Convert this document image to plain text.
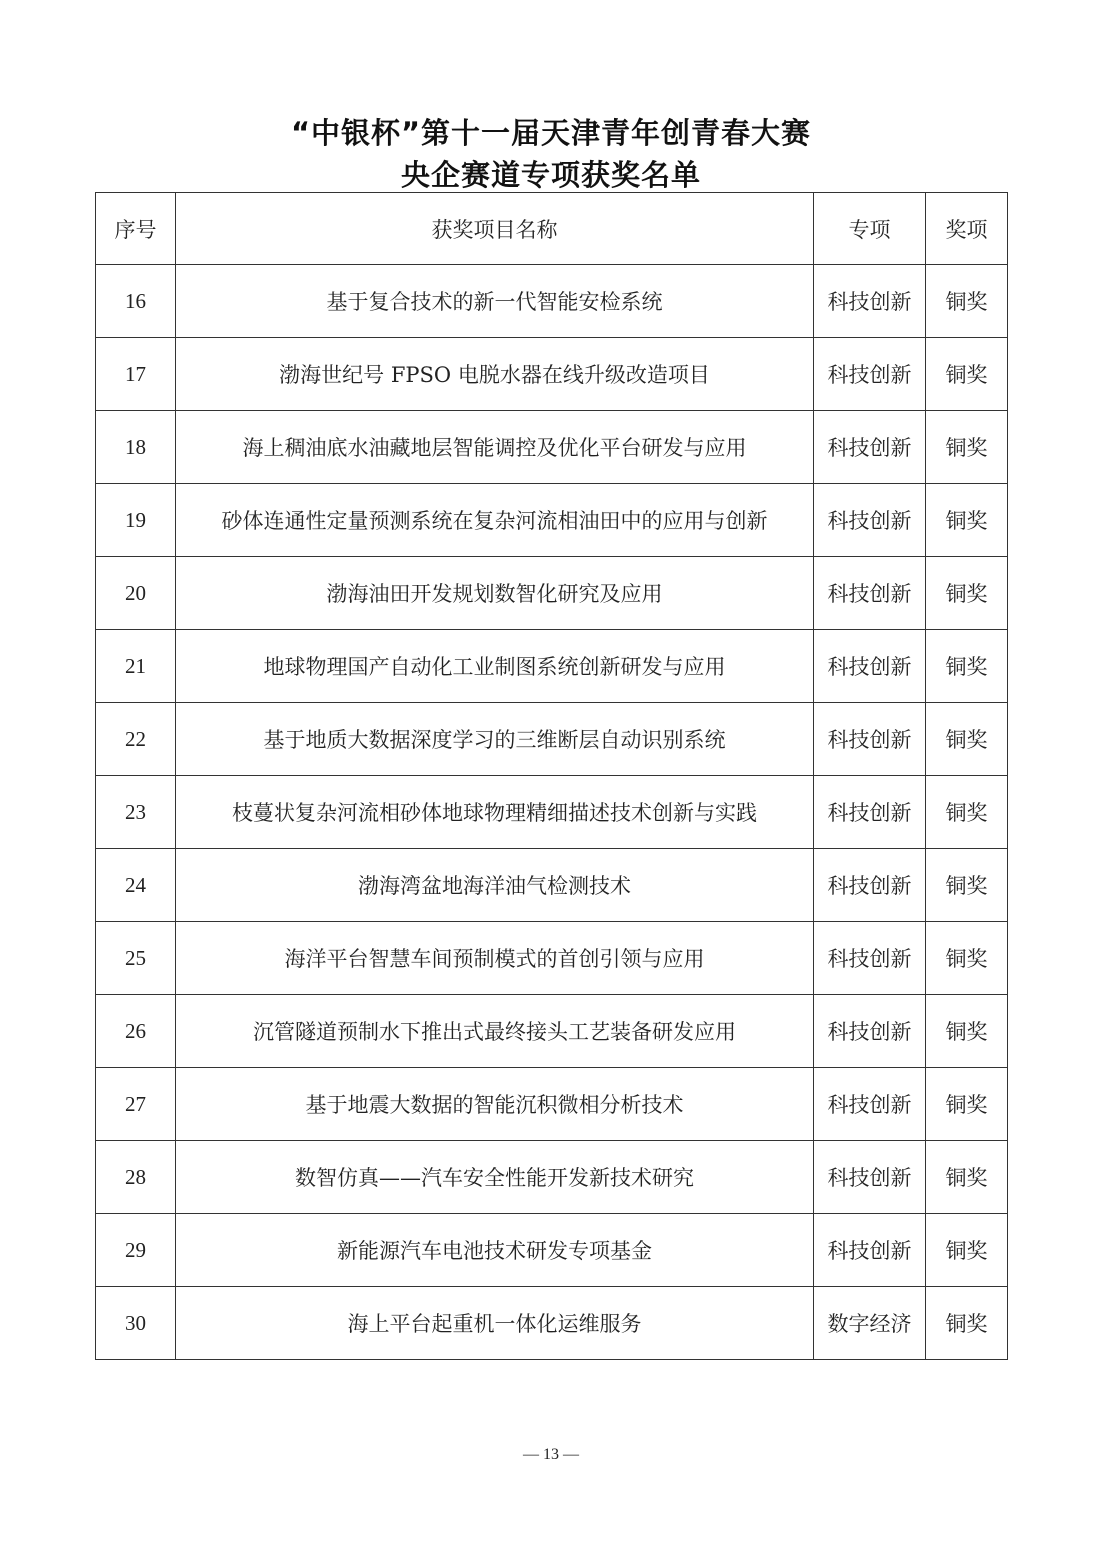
“中银杯”第十一届天津青年创青春大赛
央企赛道专项获奖名单
序号	获奖项目名称	专项	奖项
16	基于复合技术的新一代智能安检系统	科技创新	铜奖
17	渤海世纪号 FPSO 电脱水器在线升级改造项目	科技创新	铜奖
18	海上稠油底水油藏地层智能调控及优化平台研发与应用	科技创新	铜奖
19	砂体连通性定量预测系统在复杂河流相油田中的应用与创新	科技创新	铜奖
20	渤海油田开发规划数智化研究及应用	科技创新	铜奖
21	地球物理国产自动化工业制图系统创新研发与应用	科技创新	铜奖
22	基于地质大数据深度学习的三维断层自动识别系统	科技创新	铜奖
23	枝蔓状复杂河流相砂体地球物理精细描述技术创新与实践	科技创新	铜奖
24	渤海湾盆地海洋油气检测技术	科技创新	铜奖
25	海洋平台智慧车间预制模式的首创引领与应用	科技创新	铜奖
26	沉管隧道预制水下推出式最终接头工艺装备研发应用	科技创新	铜奖
27	基于地震大数据的智能沉积微相分析技术	科技创新	铜奖
28	数智仿真——汽车安全性能开发新技术研究	科技创新	铜奖
29	新能源汽车电池技术研发专项基金	科技创新	铜奖
30	海上平台起重机一体化运维服务	数字经济	铜奖
— 13 —
